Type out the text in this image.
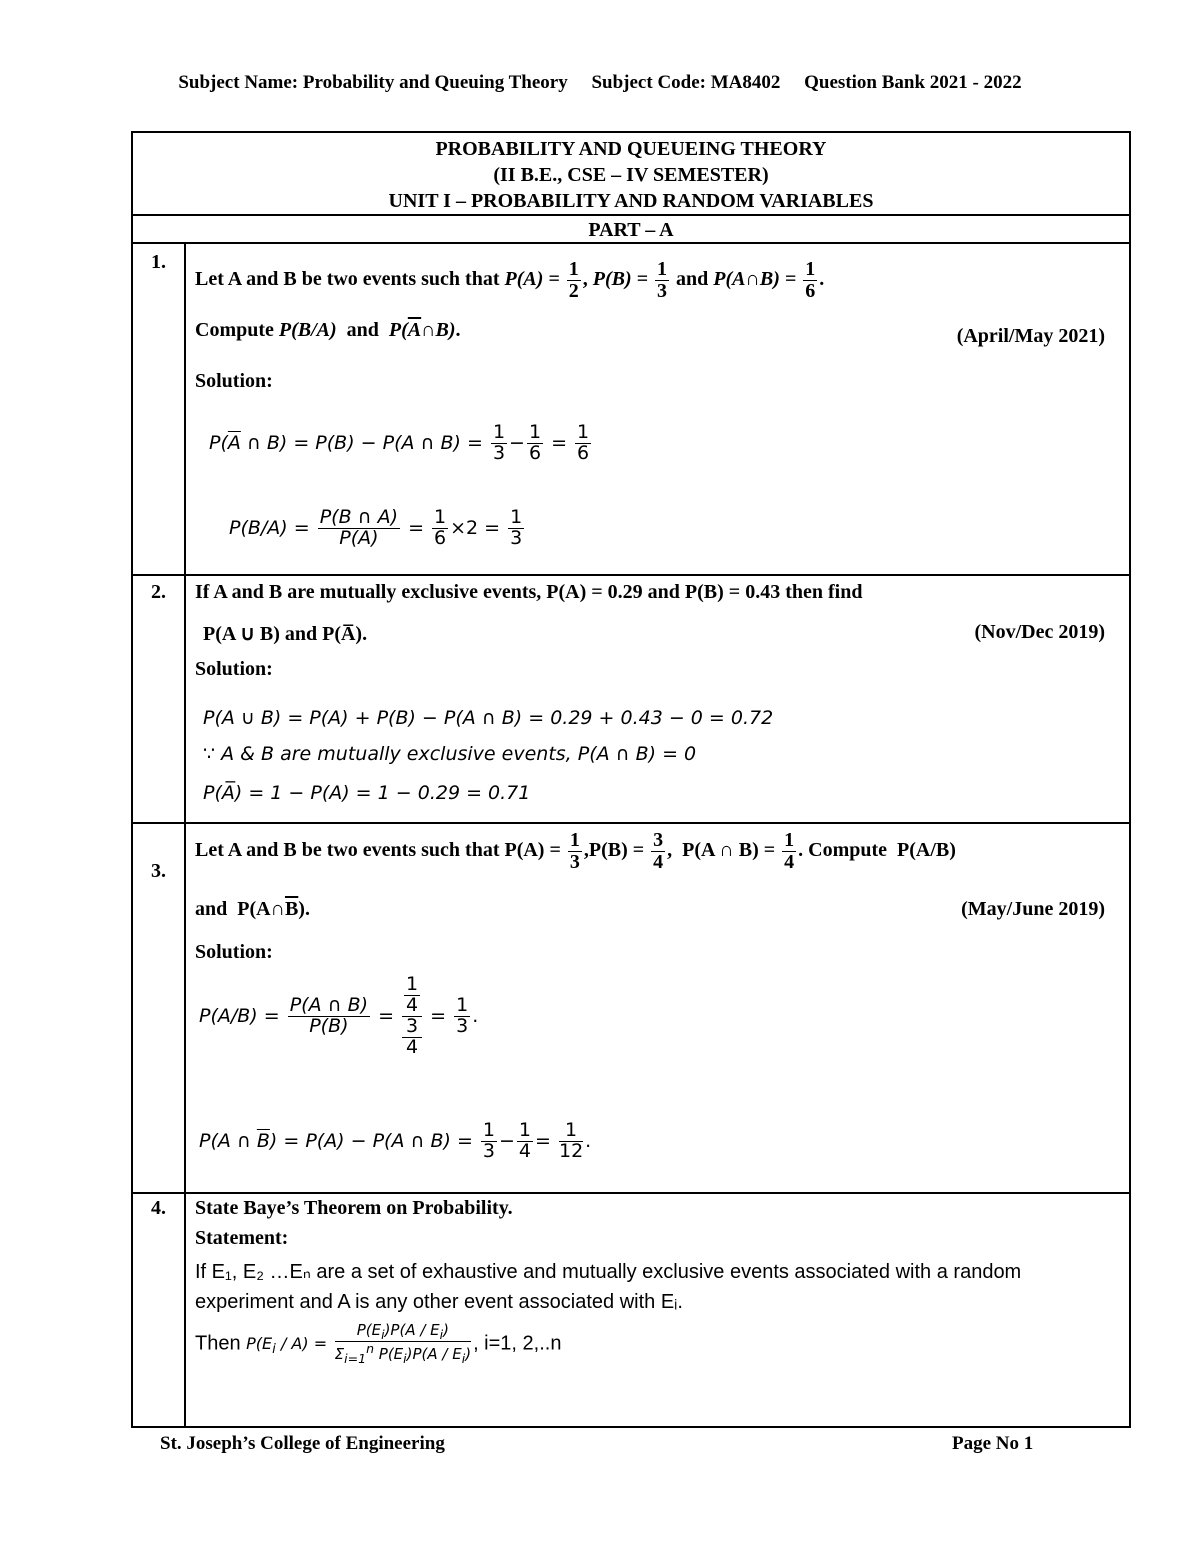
Subject Name: Probability and Queuing Theory Subject Code: MA8402 Question Bank 2021 - 2022
PROBABILITY AND QUEUEING THEORY
(II B.E., CSE – IV SEMESTER)
UNIT I – PROBABILITY AND RANDOM VARIABLES
PART – A
1.
Let A and B be two events such that $P(A) = \frac{1}{2}$ , $P(B) = \frac{1}{3}$ and P(A∩B) = $\frac{1}{6}$ .
Compute P(B/A) and $P(\overline{A}\cap B)$.	(April/May 2021)
Solution:
$P(\overline{A}$ ∩ B) = P(B) − P(A ∩ $B) = \frac{1}{3} - \frac{1}{6} = \frac{1}{6}$
$P(B/A) = \frac{P(B \cap A)}{P(A)} = \frac{1}{6} \times 2 = \frac{1}{3}$
2.	If A and B are mutually exclusive events, P(A) = 0.29 and P(B) = 0.43 then find
P(A ∪ B) and P(A̅).	(Nov/Dec 2019)
Solution:
P(A ∪ B) = P(A) + P(B) − P(A ∩ B) = 0.29 + 0.43 − 0 = 0.72
∵ A & B are mutually exclusive events, P(A ∩ B) = 0
P(A̅) = 1 − P(A) = 1 − 0.29 = 0.71
3.
Let A and B be two events such that $P(A) = \frac{1}{3} ,P(B) = \frac{3}{4}$ ,  P(A ∩ $B) = \frac{1}{4}$ . Compute  P(A/B)
and  $P(A\cap\overline{B})$.	(May/June 2019)
Solution:
$P(A/B) = \frac{P(A \cap B)}{P(B)} = 1$
4
3
$4 = \frac{1}{3}$ .
P(A ∩ $\overline{B}) = P(A) - P(A$ ∩ $B) = \frac{1}{3} - \frac{1}{4} = \frac{1}{12}$ .
4.	State Baye’s Theorem on Probability.
Statement:
If E₁, E₂ …Eₙ are a set of exhaustive and mutually exclusive events associated with a random
experiment and A is any other event associated with Eᵢ.
Then $P(E_i / A) = \frac{P(E_i)P(A / E_i)}{\Sigma_{i=1}^n P(E_i)P(A / E_i)}$ , i=1, 2,..n
St. Joseph’s College of Engineering	Page No 1
